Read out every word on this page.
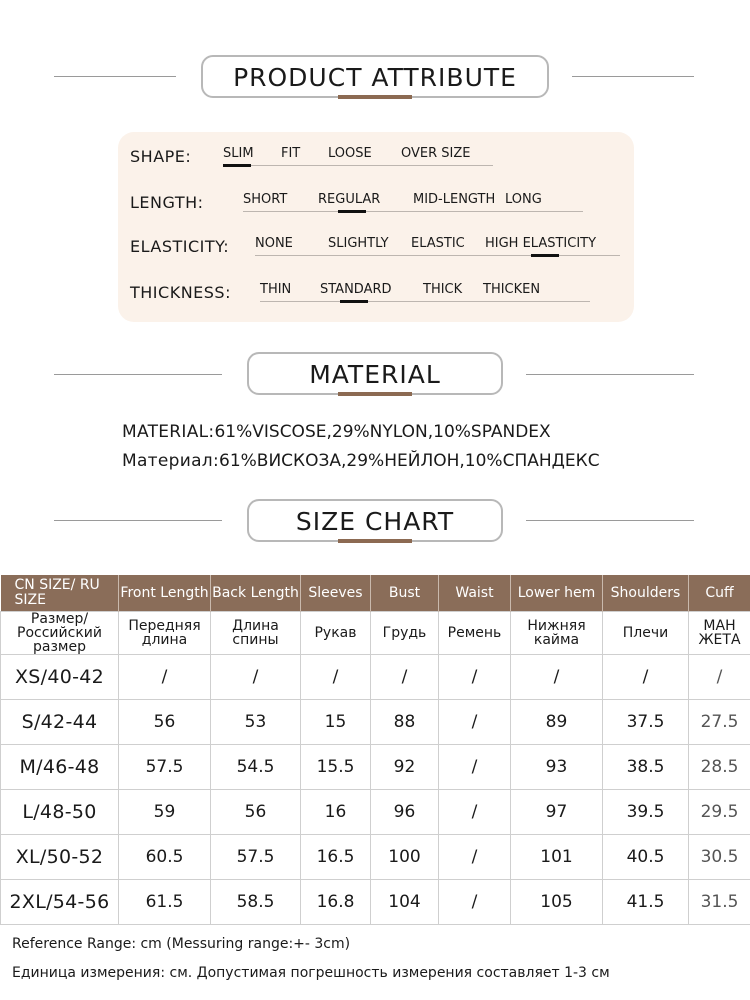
PRODUCT ATTRIBUTE
SHAPE: SLIM FIT LOOSE OVER SIZE
LENGTH:	SHORT REGULAR	MID-LENGTH LONG
ELASTICITY: NONE	SLIGHTLY ELASTIC HIGH ELASTICITY
THICKNESS: THIN STANDARD THICK THICKEN
MATERIAL
MATERIAL:61%VISCOSE,29%NYLON,10%SPANDEX
Материал:61%ВИСКОЗА,29%НЕЙЛОН,10%СПАНДЕКС
SIZE CHART
CN SIZE/ RU SIZE	Front Length	Back Length	Sleeves	Bust	Waist	Lower hem	Shoulders	Cuff
Размер/ Российский размер	Передняя длина	Длина спины	Рукав	Грудь	Ремень	Нижняя кайма	Плечи	МАН ЖЕТА
XS/40-42	/	/	/	/	/	/	/	/
S/42-44	56	53	15	88	/	89	37.5	27.5
M/46-48	57.5	54.5	15.5	92	/	93	38.5	28.5
L/48-50	59	56	16	96	/	97	39.5	29.5
XL/50-52	60.5	57.5	16.5	100	/	101	40.5	30.5
2XL/54-56	61.5	58.5	16.8	104	/	105	41.5	31.5
Reference Range: cm (Messuring range:+- 3cm)
Единица измерения: см. Допустимая погрешность измерения составляет 1-3 см
